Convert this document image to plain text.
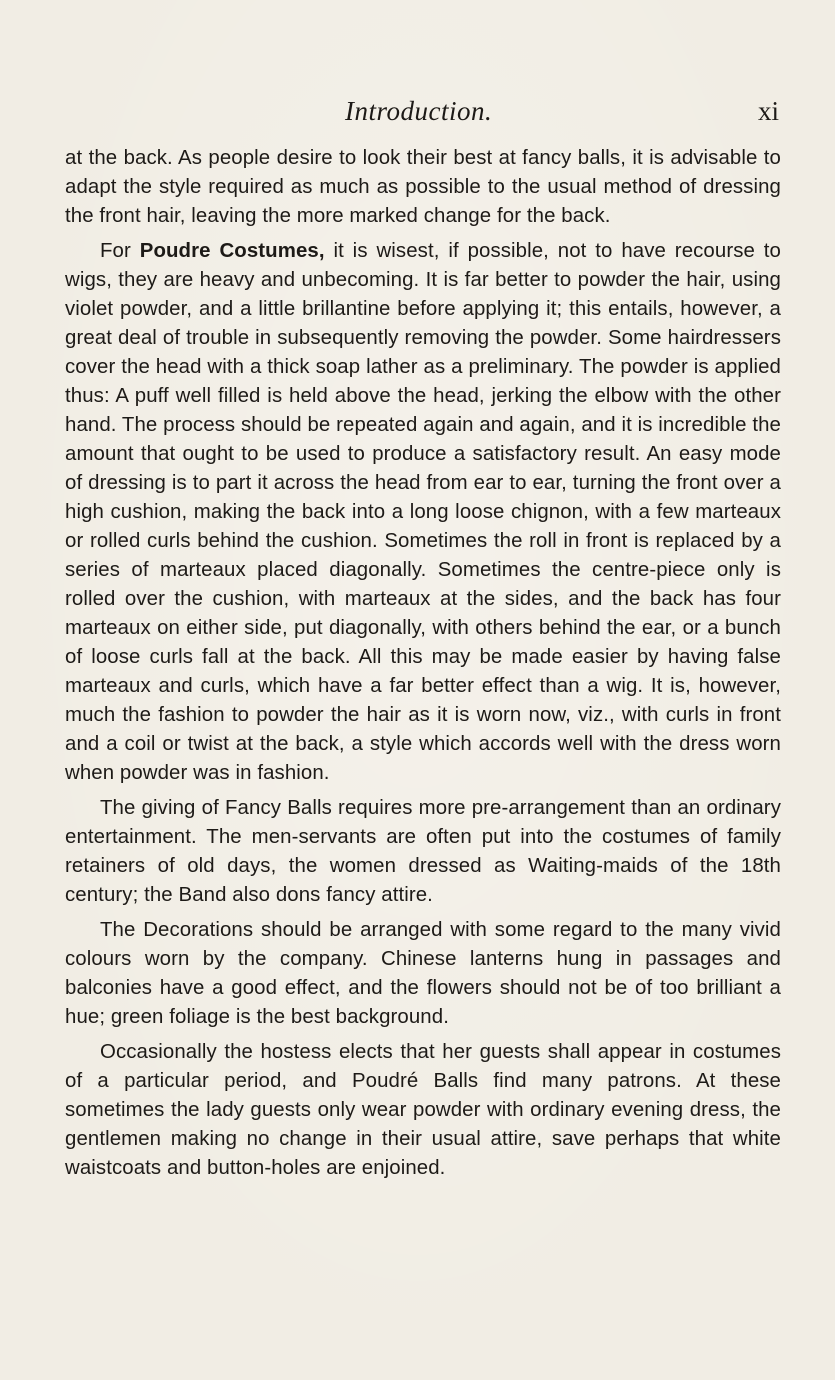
Introduction.	xi

at the back. As people desire to look their best at fancy balls, it is advisable to adapt the style required as much as possible to the usual method of dressing the front hair, leaving the more marked change for the back.

For Poudre Costumes, it is wisest, if possible, not to have recourse to wigs, they are heavy and unbecoming. It is far better to powder the hair, using violet powder, and a little brillantine before applying it; this entails, however, a great deal of trouble in subsequently removing the powder. Some hairdressers cover the head with a thick soap lather as a preliminary. The powder is applied thus: A puff well filled is held above the head, jerking the elbow with the other hand. The process should be repeated again and again, and it is incredible the amount that ought to be used to produce a satisfactory result. An easy mode of dressing is to part it across the head from ear to ear, turning the front over a high cushion, making the back into a long loose chignon, with a few marteaux or rolled curls behind the cushion. Sometimes the roll in front is replaced by a series of marteaux placed diagonally. Sometimes the centre-piece only is rolled over the cushion, with marteaux at the sides, and the back has four marteaux on either side, put diagonally, with others behind the ear, or a bunch of loose curls fall at the back. All this may be made easier by having false marteaux and curls, which have a far better effect than a wig. It is, however, much the fashion to powder the hair as it is worn now, viz., with curls in front and a coil or twist at the back, a style which accords well with the dress worn when powder was in fashion.

The giving of Fancy Balls requires more pre-arrangement than an ordinary entertainment. The men-servants are often put into the costumes of family retainers of old days, the women dressed as Waiting-maids of the 18th century; the Band also dons fancy attire.

The Decorations should be arranged with some regard to the many vivid colours worn by the company. Chinese lanterns hung in passages and balconies have a good effect, and the flowers should not be of too brilliant a hue; green foliage is the best background.

Occasionally the hostess elects that her guests shall appear in costumes of a particular period, and Poudré Balls find many patrons. At these sometimes the lady guests only wear powder with ordinary evening dress, the gentlemen making no change in their usual attire, save perhaps that white waistcoats and button-holes are enjoined.
